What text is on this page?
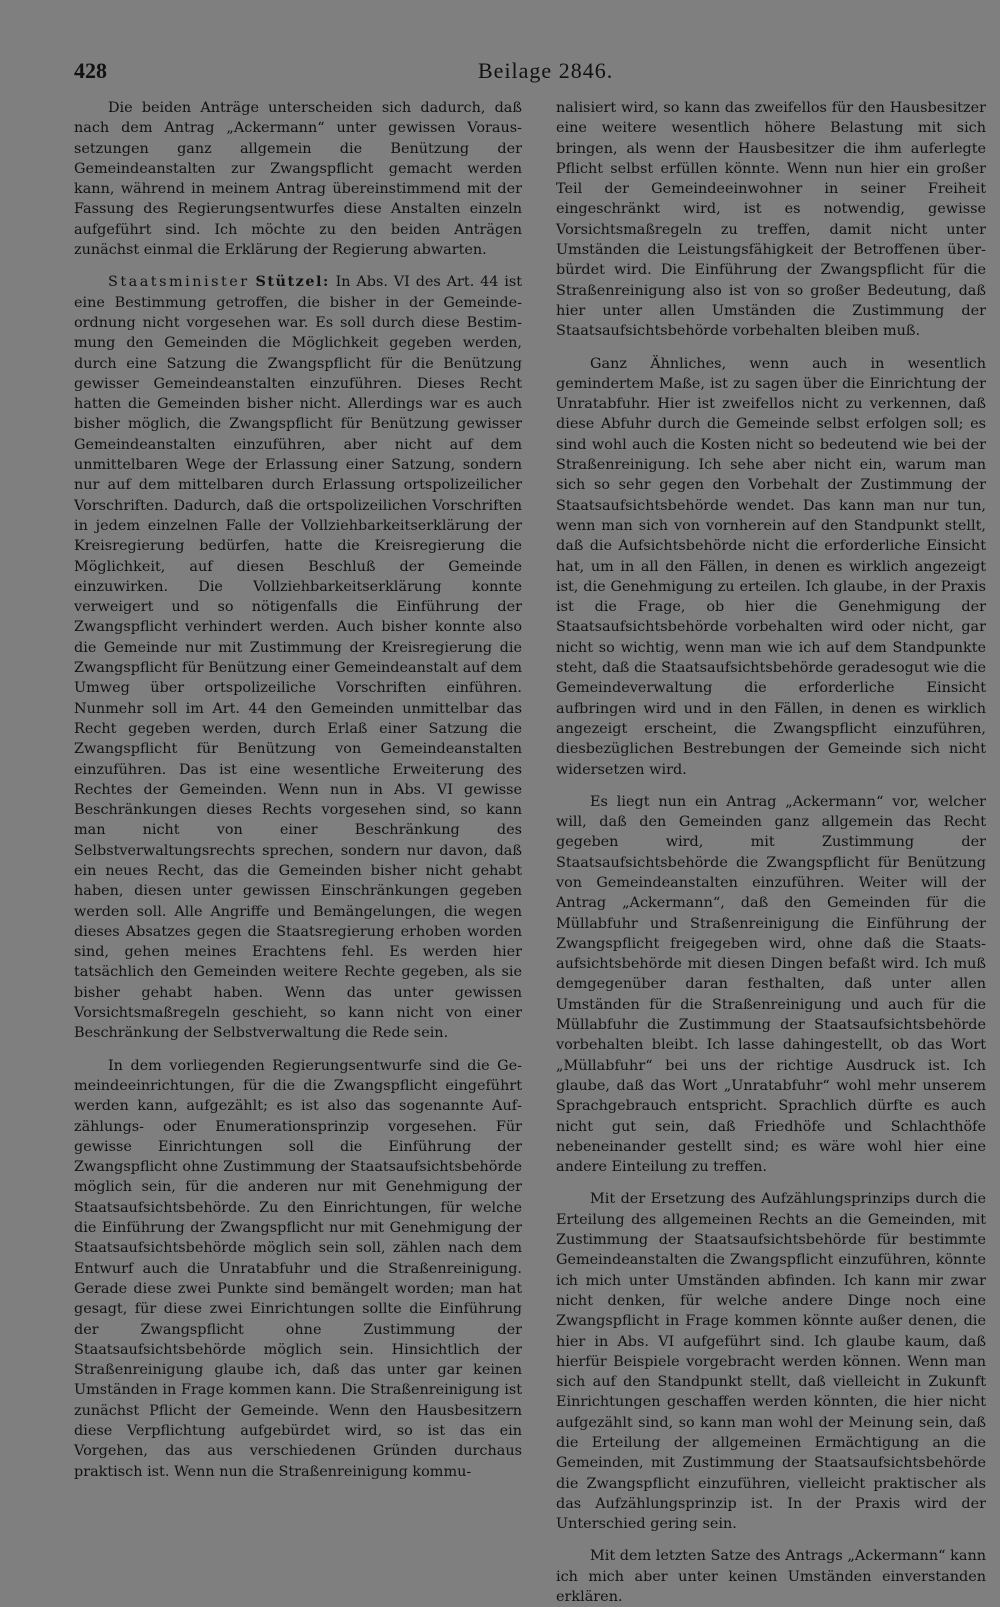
428	Beilage 2846.

Die beiden Anträge unterscheiden sich dadurch, daß nach dem Antrag „Ackermann“ unter gewissen Voraussetzungen ganz allgemein die Benützung der Gemeindeanstalten zur Zwangspflicht gemacht werden kann, während in meinem Antrag übereinstimmend mit der Fassung des Regierungsentwurfes diese Anstalten einzeln aufgeführt sind. Ich möchte zu den beiden Anträgen zunächst einmal die Erklärung der Regierung abwarten.

Staatsminister Stützel: In Abs. VI des Art. 44 ist eine Bestimmung getroffen, die bisher in der Gemeindeordnung nicht vorgesehen war. Es soll durch diese Bestimmung den Gemeinden die Möglichkeit gegeben werden, durch eine Satzung die Zwangspflicht für die Benützung gewisser Gemeindeanstalten einzuführen. Dieses Recht hatten die Gemeinden bisher nicht. Allerdings war es auch bisher möglich, die Zwangspflicht für Benützung gewisser Gemeindeanstalten einzuführen, aber nicht auf dem unmittelbaren Wege der Erlassung einer Satzung, sondern nur auf dem mittelbaren durch Erlassung ortspolizeilicher Vorschriften. Dadurch, daß die ortspolizeilichen Vorschriften in jedem einzelnen Falle der Vollziehbarkeitserklärung der Kreisregierung bedürfen, hatte die Kreisregierung die Möglichkeit, auf diesen Beschluß der Gemeinde einzuwirken. Die Vollziehbarkeitserklärung konnte verweigert und so nötigenfalls die Einführung der Zwangspflicht verhindert werden. Auch bisher konnte also die Gemeinde nur mit Zustimmung der Kreisregierung die Zwangspflicht für Benützung einer Gemeindeanstalt auf dem Umweg über ortspolizeiliche Vorschriften einführen. Nunmehr soll im Art. 44 den Gemeinden unmittelbar das Recht gegeben werden, durch Erlaß einer Satzung die Zwangspflicht für Benützung von Gemeindeanstalten einzuführen. Das ist eine wesentliche Erweiterung des Rechtes der Gemeinden. Wenn nun in Abs. VI gewisse Beschränkungen dieses Rechts vorgesehen sind, so kann man nicht von einer Beschränkung des Selbstverwaltungsrechts sprechen, sondern nur davon, daß ein neues Recht, das die Gemeinden bisher nicht gehabt haben, diesen unter gewissen Einschränkungen gegeben werden soll. Alle Angriffe und Bemängelungen, die wegen dieses Absatzes gegen die Staatsregierung erhoben worden sind, gehen meines Erachtens fehl. Es werden hier tatsächlich den Gemeinden weitere Rechte gegeben, als sie bisher gehabt haben. Wenn das unter gewissen Vorsichtsmaßregeln geschieht, so kann nicht von einer Beschränkung der Selbstverwaltung die Rede sein.

In dem vorliegenden Regierungsentwurfe sind die Gemeindeeinrichtungen, für die die Zwangspflicht eingeführt werden kann, aufgezählt; es ist also das sogenannte Aufzählungs- oder Enumerationsprinzip vorgesehen. Für gewisse Einrichtungen soll die Einführung der Zwangspflicht ohne Zustimmung der Staatsaufsichtsbehörde möglich sein, für die anderen nur mit Genehmigung der Staatsaufsichtsbehörde. Zu den Einrichtungen, für welche die Einführung der Zwangspflicht nur mit Genehmigung der Staatsaufsichtsbehörde möglich sein soll, zählen nach dem Entwurf auch die Unratabfuhr und die Straßenreinigung. Gerade diese zwei Punkte sind bemängelt worden; man hat gesagt, für diese zwei Einrichtungen sollte die Einführung der Zwangspflicht ohne Zustimmung der Staatsaufsichtsbehörde möglich sein. Hinsichtlich der Straßenreinigung glaube ich, daß das unter gar keinen Umständen in Frage kommen kann. Die Straßenreinigung ist zunächst Pflicht der Gemeinde. Wenn den Hausbesitzern diese Verpflichtung aufgebürdet wird, so ist das ein Vorgehen, das aus verschiedenen Gründen durchaus praktisch ist. Wenn nun die Straßenreinigung kommu-

nalisiert wird, so kann das zweifellos für den Hausbesitzer eine weitere wesentlich höhere Belastung mit sich bringen, als wenn der Hausbesitzer die ihm auferlegte Pflicht selbst erfüllen könnte. Wenn nun hier ein großer Teil der Gemeindeeinwohner in seiner Freiheit eingeschränkt wird, ist es notwendig, gewisse Vorsichtsmaßregeln zu treffen, damit nicht unter Umständen die Leistungsfähigkeit der Betroffenen überbürdet wird. Die Einführung der Zwangspflicht für die Straßenreinigung also ist von so großer Bedeutung, daß hier unter allen Umständen die Zustimmung der Staatsaufsichtsbehörde vorbehalten bleiben muß.

Ganz Ähnliches, wenn auch in wesentlich gemindertem Maße, ist zu sagen über die Einrichtung der Unratabfuhr. Hier ist zweifellos nicht zu verkennen, daß diese Abfuhr durch die Gemeinde selbst erfolgen soll; es sind wohl auch die Kosten nicht so bedeutend wie bei der Straßenreinigung. Ich sehe aber nicht ein, warum man sich so sehr gegen den Vorbehalt der Zustimmung der Staatsaufsichtsbehörde wendet. Das kann man nur tun, wenn man sich von vornherein auf den Standpunkt stellt, daß die Aufsichtsbehörde nicht die erforderliche Einsicht hat, um in all den Fällen, in denen es wirklich angezeigt ist, die Genehmigung zu erteilen. Ich glaube, in der Praxis ist die Frage, ob hier die Genehmigung der Staatsaufsichtsbehörde vorbehalten wird oder nicht, gar nicht so wichtig, wenn man wie ich auf dem Standpunkte steht, daß die Staatsaufsichtsbehörde geradesogut wie die Gemeindeverwaltung die erforderliche Einsicht aufbringen wird und in den Fällen, in denen es wirklich angezeigt erscheint, die Zwangspflicht einzuführen, diesbezüglichen Bestrebungen der Gemeinde sich nicht widersetzen wird.

Es liegt nun ein Antrag „Ackermann“ vor, welcher will, daß den Gemeinden ganz allgemein das Recht gegeben wird, mit Zustimmung der Staatsaufsichtsbehörde die Zwangspflicht für Benützung von Gemeindeanstalten einzuführen. Weiter will der Antrag „Ackermann“, daß den Gemeinden für die Müllabfuhr und Straßenreinigung die Einführung der Zwangspflicht freigegeben wird, ohne daß die Staatsaufsichtsbehörde mit diesen Dingen befaßt wird. Ich muß demgegenüber daran festhalten, daß unter allen Umständen für die Straßenreinigung und auch für die Müllabfuhr die Zustimmung der Staatsaufsichtsbehörde vorbehalten bleibt. Ich lasse dahingestellt, ob das Wort „Müllabfuhr“ bei uns der richtige Ausdruck ist. Ich glaube, daß das Wort „Unratabfuhr“ wohl mehr unserem Sprachgebrauch entspricht. Sprachlich dürfte es auch nicht gut sein, daß Friedhöfe und Schlachthöfe nebeneinander gestellt sind; es wäre wohl hier eine andere Einteilung zu treffen.

Mit der Ersetzung des Aufzählungsprinzips durch die Erteilung des allgemeinen Rechts an die Gemeinden, mit Zustimmung der Staatsaufsichtsbehörde für bestimmte Gemeindeanstalten die Zwangspflicht einzuführen, könnte ich mich unter Umständen abfinden. Ich kann mir zwar nicht denken, für welche andere Dinge noch eine Zwangspflicht in Frage kommen könnte außer denen, die hier in Abs. VI aufgeführt sind. Ich glaube kaum, daß hierfür Beispiele vorgebracht werden können. Wenn man sich auf den Standpunkt stellt, daß vielleicht in Zukunft Einrichtungen geschaffen werden könnten, die hier nicht aufgezählt sind, so kann man wohl der Meinung sein, daß die Erteilung der allgemeinen Ermächtigung an die Gemeinden, mit Zustimmung der Staatsaufsichtsbehörde die Zwangspflicht einzuführen, vielleicht praktischer als das Aufzählungsprinzip ist. In der Praxis wird der Unterschied gering sein.

Mit dem letzten Satze des Antrags „Ackermann“ kann ich mich aber unter keinen Umständen einverstanden erklären.
